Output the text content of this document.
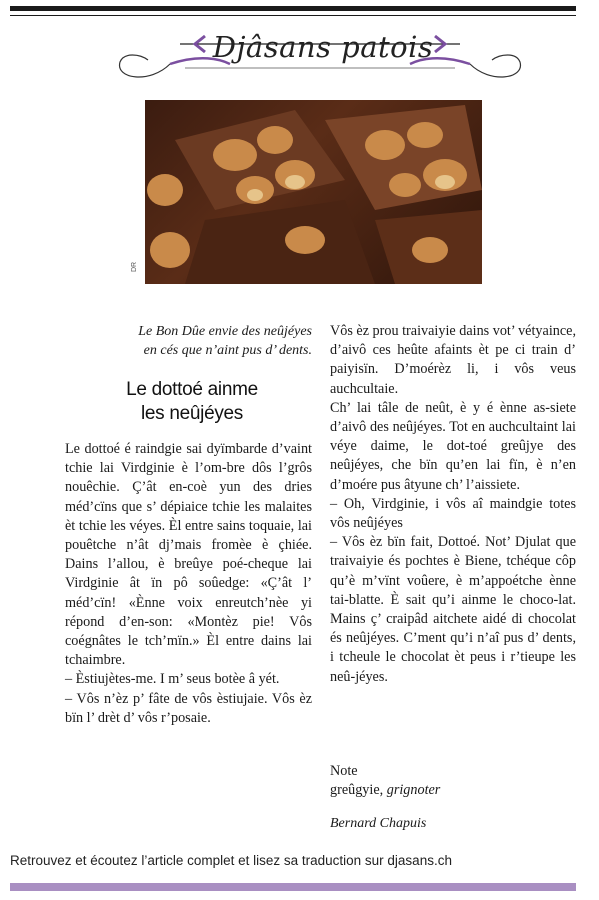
Djâsans patois
DR
Le Bon Dûe envie des neûjéyes
en cés que n’aint pus d’ dents.
Le dottoé ainme
les neûjéyes

Le dottoé é raindgie sai dyïmbarde d’vaint tchie lai Virdginie è l’om-bre dôs l’grôs nouêchie. Ç’ât en-coè yun des dries méd’cïns que s’ dépiaice tchie les malaites èt tchie les véyes. Èl entre sains toquaie, lai pouêtche n’ât dj’mais fromèe è çhiée. Dains l’allou, è breûye poé-cheque lai Virdginie ât ïn pô soûedge: «Ç’ât l’ méd’cïn! «Ènne voix enreutch’nèe yi répond d’en-son: «Montèz pie! Vôs coégnâtes le tch’mïn.» Èl entre dains lai tchaimbre.

– Èstiujètes-me. I m’ seus botèe â yét.

– Vôs n’èz p’ fâte de vôs èstiujaie. Vôs èz bïn l’ drèt d’ vôs r’posaie.

Vôs èz prou traivaiyie dains vot’ vétyaince, d’aivô ces heûte afaints èt pe ci train d’ paiyisïn. D’moérèz li, i vôs veus auchcultaie.

Ch’ lai tâle de neût, è y é ènne as-siete d’aivô des neûjéyes. Tot en auchcultaint lai véye daime, le dot-toé greûjye des neûjéyes, che bïn qu’en lai fïn, è n’en d’moére pus âtyune ch’ l’aissiete.

– Oh, Virdginie, i vôs aî maindgie totes vôs neûjéyes

– Vôs èz bïn fait, Dottoé. Not’ Djulat que traivaiyie és pochtes è Biene, tchéque côp qu’è m’vïnt voûere, è m’appoétche ènne tai-blatte. È sait qu’i ainme le choco-lat. Mains ç’ craipâd aitchete aidé di chocolat és neûjéyes. C’ment qu’i n’aî pus d’ dents, i tcheule le chocolat èt peus i r’tieupe les neû-jéyes.

Note
greûgyie, grignoter
Bernard Chapuis
Retrouvez et écoutez l’article complet et lisez sa traduction sur djasans.ch
